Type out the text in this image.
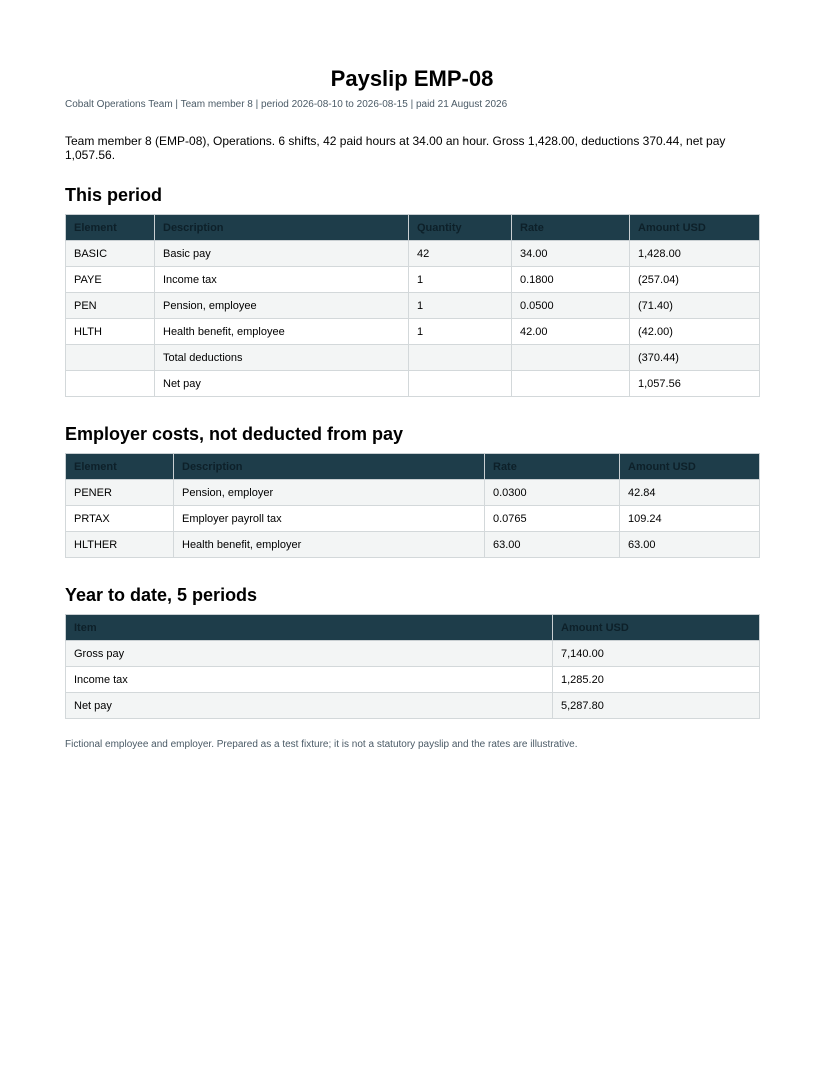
Payslip EMP-08
Cobalt Operations Team | Team member 8 | period 2026-08-10 to 2026-08-15 | paid 21 August 2026

Team member 8 (EMP-08), Operations. 6 shifts, 42 paid hours at 34.00 an hour. Gross 1,428.00, deductions 370.44, net pay 1,057.56.

This period
Element	Description	Quantity	Rate	Amount USD
BASIC	Basic pay	42	34.00	1,428.00
PAYE	Income tax	1	0.1800	(257.04)
PEN	Pension, employee	1	0.0500	(71.40)
HLTH	Health benefit, employee	1	42.00	(42.00)
	Total deductions			(370.44)
	Net pay			1,057.56
Employer costs, not deducted from pay
Element	Description	Rate	Amount USD
PENER	Pension, employer	0.0300	42.84
PRTAX	Employer payroll tax	0.0765	109.24
HLTHER	Health benefit, employer	63.00	63.00
Year to date, 5 periods
Item	Amount USD
Gross pay	7,140.00
Income tax	1,285.20
Net pay	5,287.80
Fictional employee and employer. Prepared as a test fixture; it is not a statutory payslip and the rates are illustrative.
